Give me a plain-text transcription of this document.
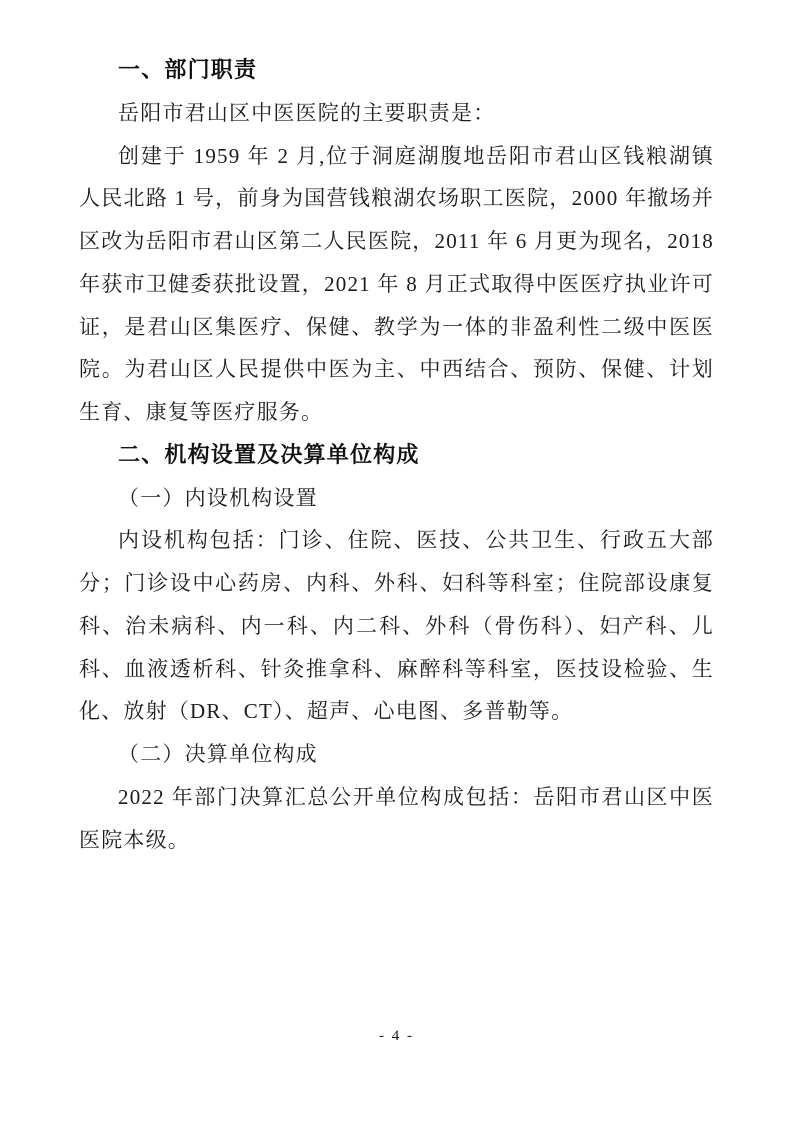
一、部门职责

岳阳市君山区中医医院的主要职责是：

创建于 1959 年 2 月,位于洞庭湖腹地岳阳市君山区钱粮湖镇人民北路 1 号，前身为国营钱粮湖农场职工医院，2000 年撤场并区改为岳阳市君山区第二人民医院，2011 年 6 月更为现名，2018 年获市卫健委获批设置，2021 年 8 月正式取得中医医疗执业许可证，是君山区集医疗、保健、教学为一体的非盈利性二级中医医院。为君山区人民提供中医为主、中西结合、预防、保健、计划生育、康复等医疗服务。

二、机构设置及决算单位构成

（一）内设机构设置

内设机构包括：门诊、住院、医技、公共卫生、行政五大部分；门诊设中心药房、内科、外科、妇科等科室；住院部设康复科、治未病科、内一科、内二科、外科（骨伤科）、妇产科、儿科、血液透析科、针灸推拿科、麻醉科等科室，医技设检验、生化、放射（DR、CT）、超声、心电图、多普勒等。

（二）决算单位构成

2022 年部门决算汇总公开单位构成包括：岳阳市君山区中医医院本级。

- 4 -
